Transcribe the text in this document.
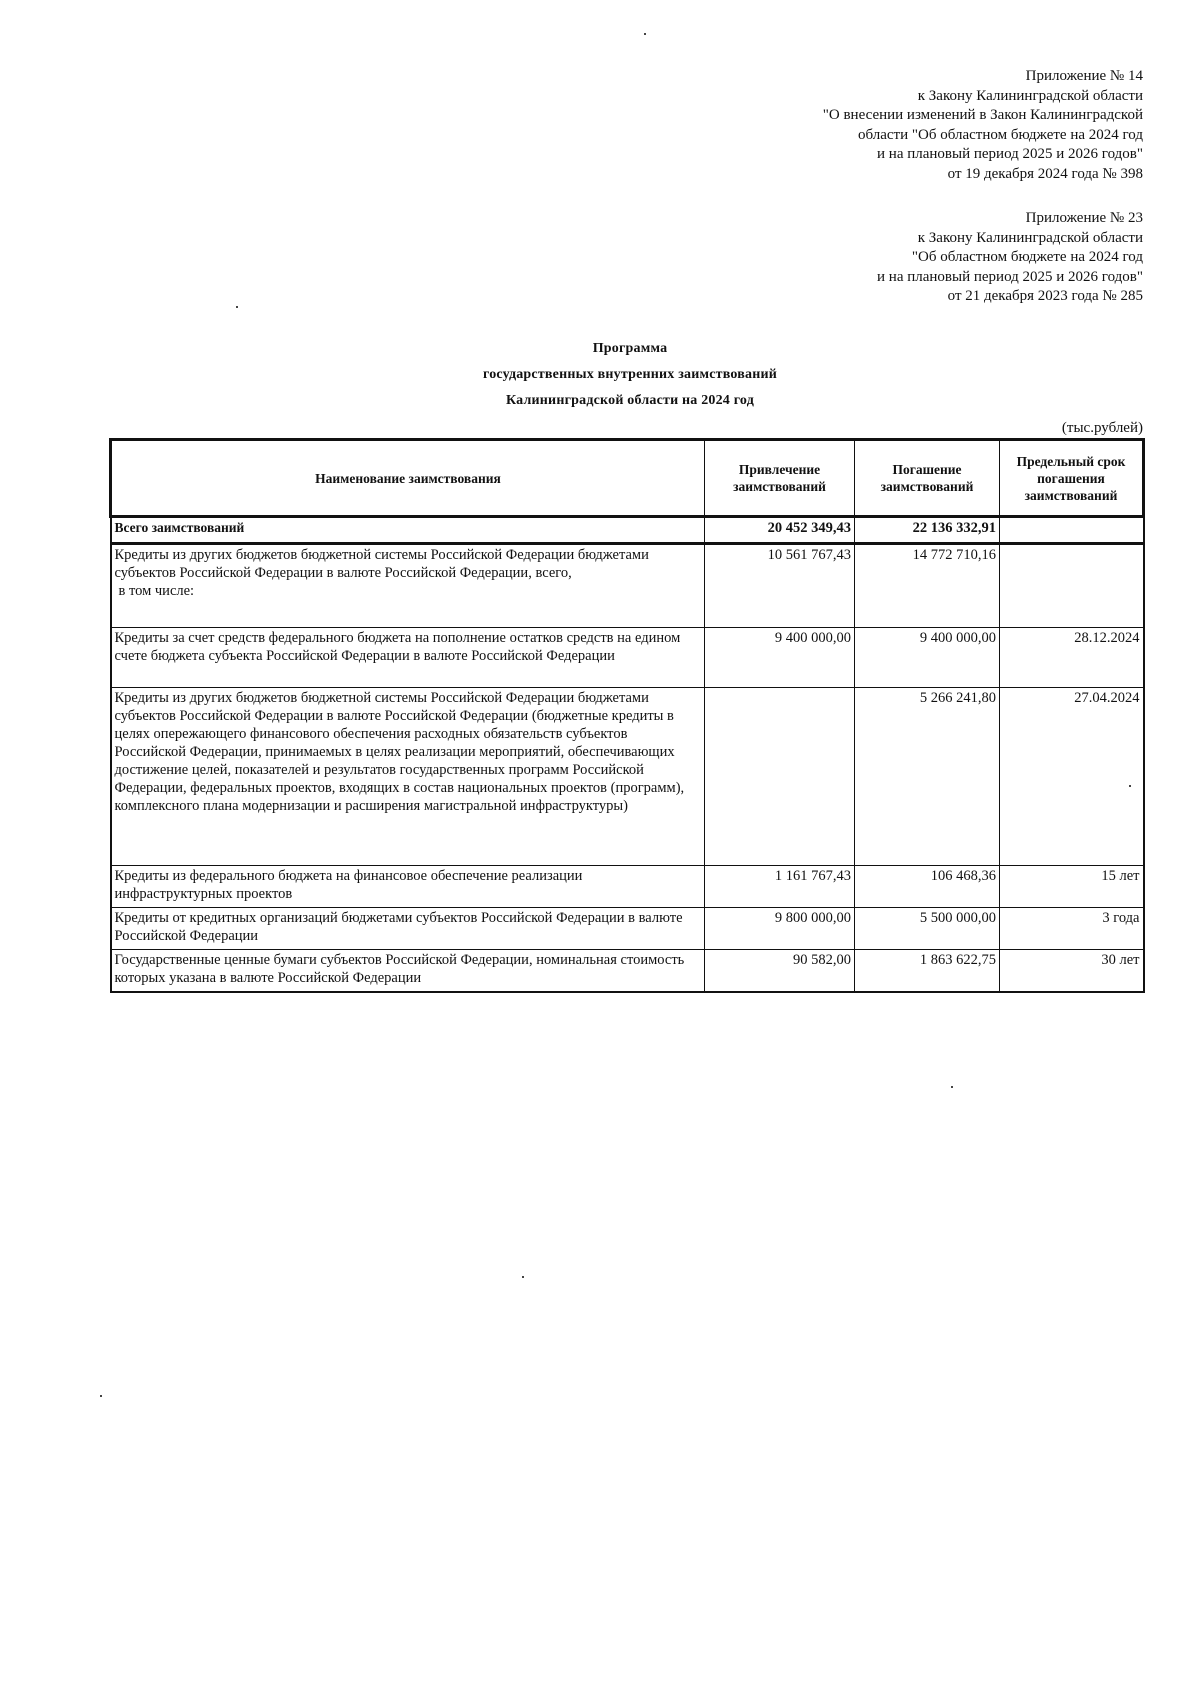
Приложение № 14
к Закону Калининградской области
"О внесении изменений в Закон Калининградской
области "Об областном бюджете на 2024 год
и на плановый период 2025 и 2026 годов"
от 19 декабря 2024 года № 398
Приложение № 23
к Закону Калининградской области
"Об областном бюджете на 2024 год
и на плановый период 2025 и 2026 годов"
от 21 декабря 2023 года № 285
Программа
государственных внутренних заимствований
Калининградской области на 2024 год
(тыс.рублей)
Наименование заимствования	Привлечение заимствований	Погашение заимствований	Предельный срок погашения заимствований
Всего заимствований	20 452 349,43	22 136 332,91	

Кредиты из других бюджетов бюджетной системы Российской Федерации бюджетами субъектов Российской Федерации в валюте Российской Федерации, всего,
в том числе:	10 561 767,43	14 772 710,16	
Кредиты за счет средств федерального бюджета на пополнение остатков средств на едином счете бюджета субъекта Российской Федерации в валюте Российской Федерации	9 400 000,00	9 400 000,00	28.12.2024
Кредиты из других бюджетов бюджетной системы Российской Федерации бюджетами субъектов Российской Федерации в валюте Российской Федерации (бюджетные кредиты в целях опережающего финансового обеспечения расходных обязательств субъектов Российской Федерации, принимаемых в целях реализации мероприятий, обеспечивающих достижение целей, показателей и результатов государственных программ Российской Федерации, федеральных проектов, входящих в состав национальных проектов (программ), комплексного плана модернизации и расширения магистральной инфраструктуры)		5 266 241,80	27.04.2024
Кредиты из федерального бюджета на финансовое обеспечение реализации инфраструктурных проектов	1 161 767,43	106 468,36	15 лет
Кредиты от кредитных организаций бюджетами субъектов Российской Федерации в валюте Российской Федерации	9 800 000,00	5 500 000,00	3 года
Государственные ценные бумаги субъектов Российской Федерации, номинальная стоимость которых указана в валюте Российской Федерации	90 582,00	1 863 622,75	30 лет
